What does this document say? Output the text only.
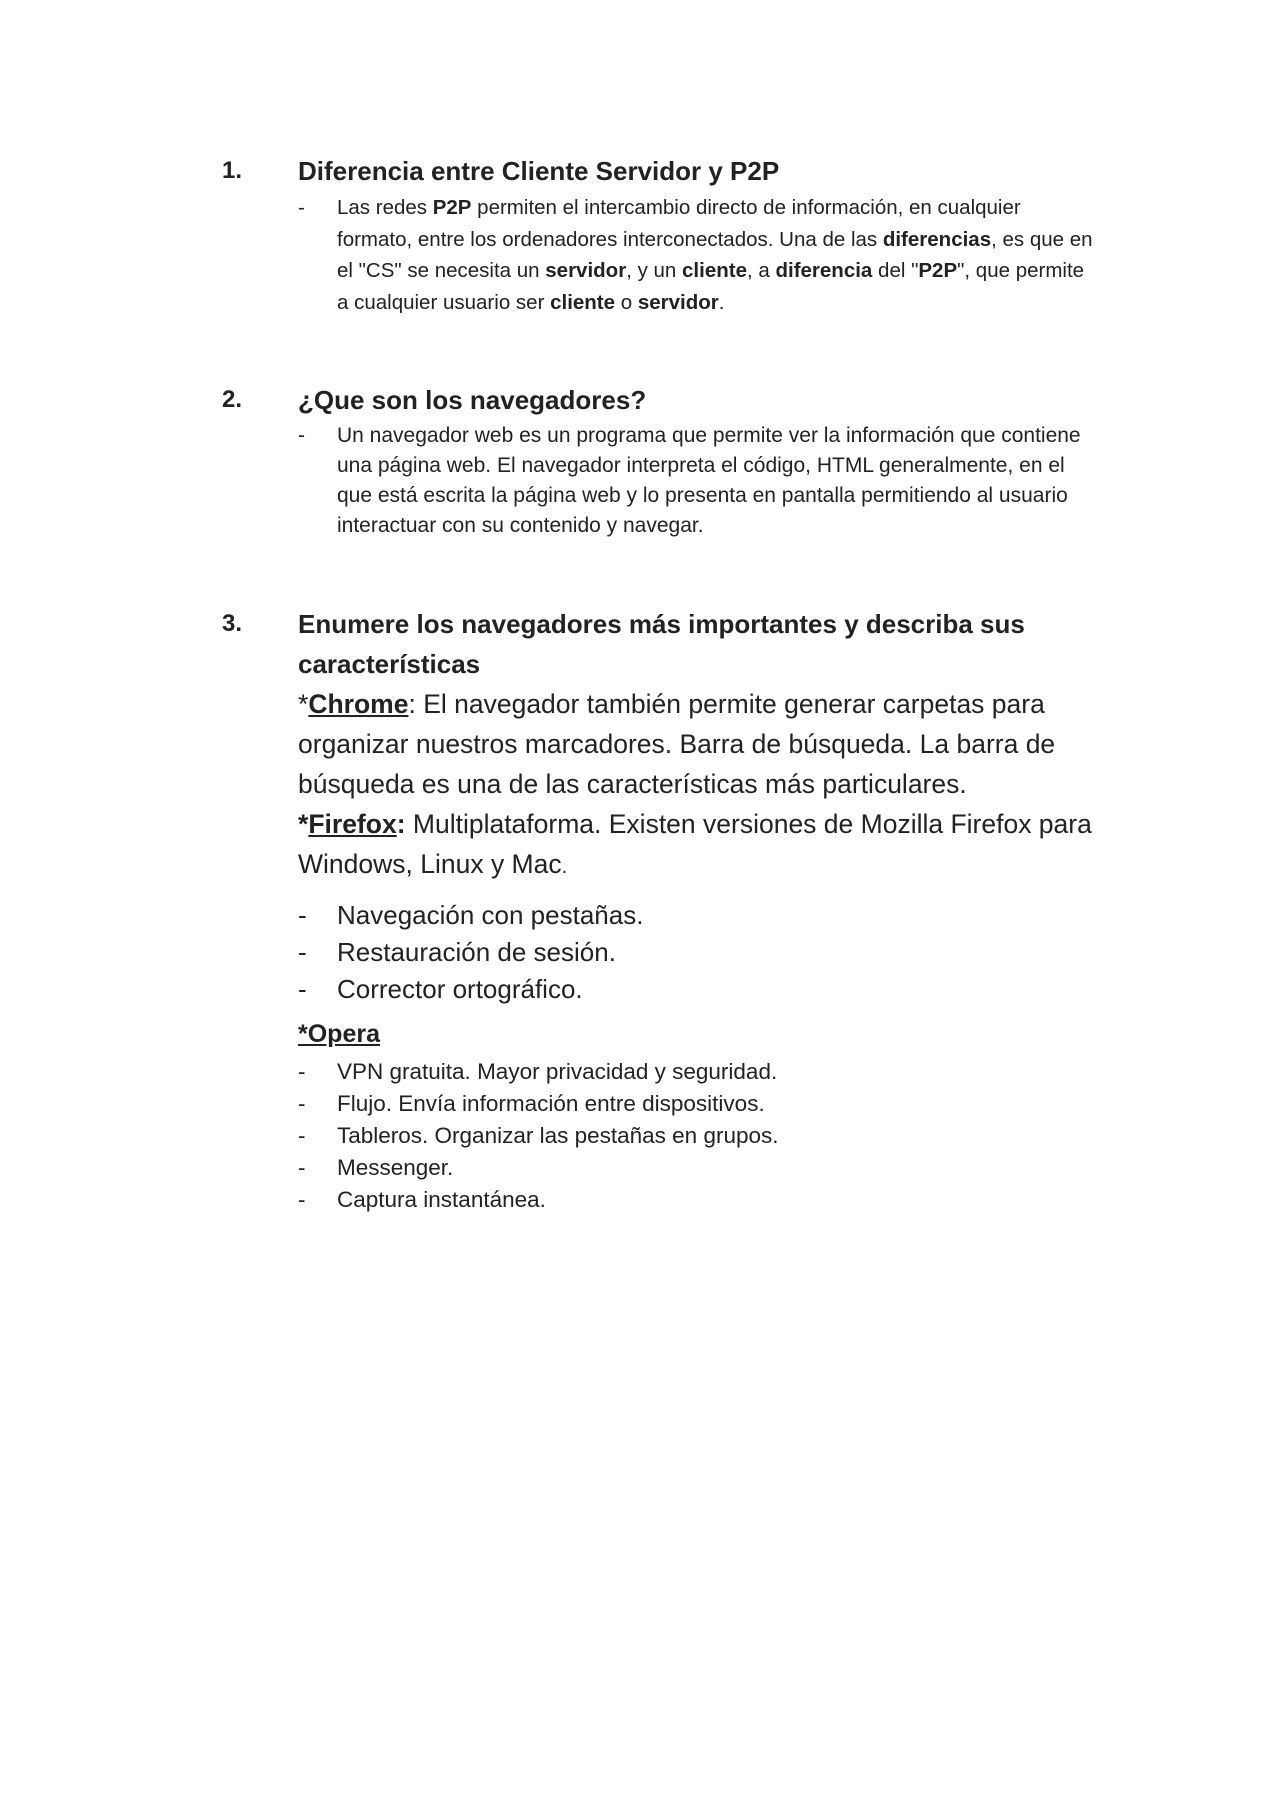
1. Diferencia entre Cliente Servidor y P2P
- Las redes P2P permiten el intercambio directo de información, en cualquier formato, entre los ordenadores interconectados. Una de las diferencias, es que en el "CS" se necesita un servidor, y un cliente, a diferencia del "P2P", que permite a cualquier usuario ser cliente o servidor.
2. ¿Que son los navegadores?
- Un navegador web es un programa que permite ver la información que contiene una página web. El navegador interpreta el código, HTML generalmente, en el que está escrita la página web y lo presenta en pantalla permitiendo al usuario interactuar con su contenido y navegar.
3. Enumere los navegadores más importantes y describa sus características
*Chrome: El navegador también permite generar carpetas para organizar nuestros marcadores. Barra de búsqueda. La barra de búsqueda es una de las características más particulares.
*Firefox: Multiplataforma. Existen versiones de Mozilla Firefox para Windows, Linux y Mac.
- Navegación con pestañas.
- Restauración de sesión.
- Corrector ortográfico.
*Opera
- VPN gratuita. Mayor privacidad y seguridad.
- Flujo. Envía información entre dispositivos.
- Tableros. Organizar las pestañas en grupos.
- Messenger.
- Captura instantánea.
